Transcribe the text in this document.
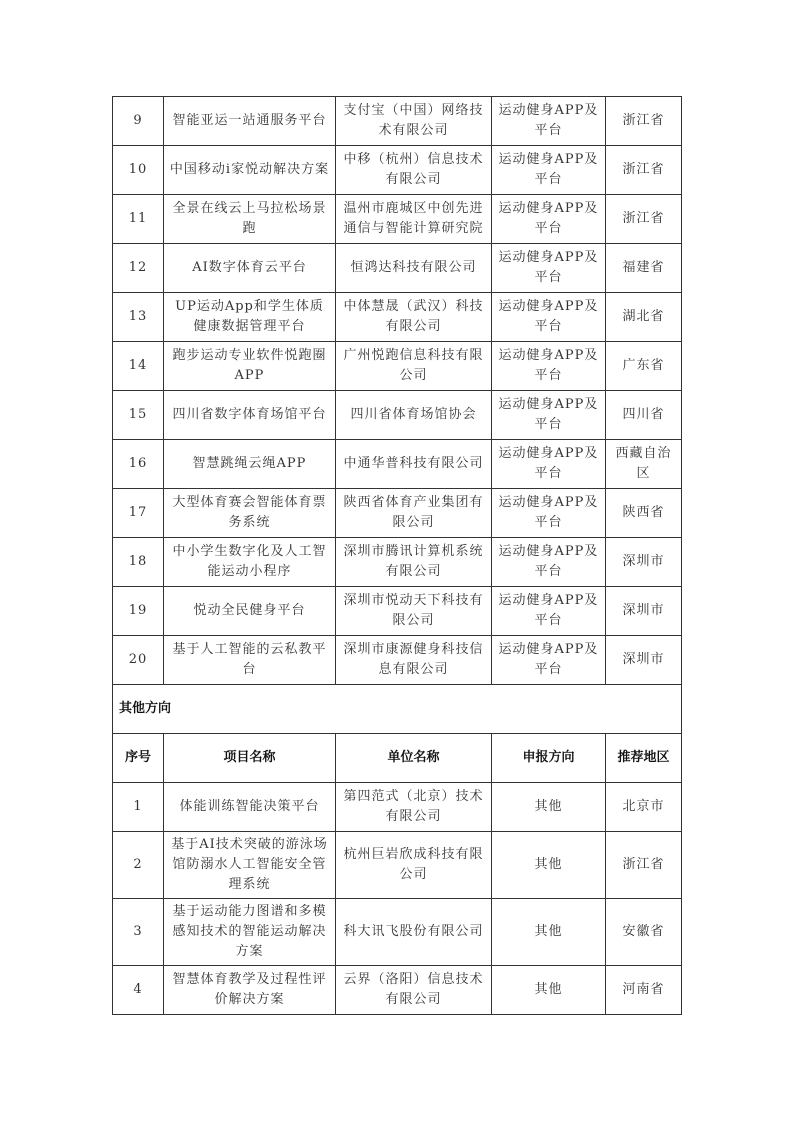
9	智能亚运一站通服务平台	支付宝（中国）网络技术有限公司	运动健身APP及平台	浙江省
10	中国移动i家悦动解决方案	中移（杭州）信息技术有限公司	运动健身APP及平台	浙江省
11	全景在线云上马拉松场景跑	温州市鹿城区中创先进通信与智能计算研究院	运动健身APP及平台	浙江省
12	AI数字体育云平台	恒鸿达科技有限公司	运动健身APP及平台	福建省
13	UP运动App和学生体质健康数据管理平台	中体慧晟（武汉）科技有限公司	运动健身APP及平台	湖北省
14	跑步运动专业软件悦跑圈APP	广州悦跑信息科技有限公司	运动健身APP及平台	广东省
15	四川省数字体育场馆平台	四川省体育场馆协会	运动健身APP及平台	四川省
16	智慧跳绳云绳APP	中通华普科技有限公司	运动健身APP及平台	西藏自治区
17	大型体育赛会智能体育票务系统	陕西省体育产业集团有限公司	运动健身APP及平台	陕西省
18	中小学生数字化及人工智能运动小程序	深圳市腾讯计算机系统有限公司	运动健身APP及平台	深圳市
19	悦动全民健身平台	深圳市悦动天下科技有限公司	运动健身APP及平台	深圳市
20	基于人工智能的云私教平台	深圳市康源健身科技信息有限公司	运动健身APP及平台	深圳市
其他方向				
序号	项目名称	单位名称	申报方向	推荐地区
1	体能训练智能决策平台	第四范式（北京）技术有限公司	其他	北京市
2	基于AI技术突破的游泳场馆防溺水人工智能安全管理系统	杭州巨岩欣成科技有限公司	其他	浙江省
3	基于运动能力图谱和多模感知技术的智能运动解决方案	科大讯飞股份有限公司	其他	安徽省
4	智慧体育教学及过程性评价解决方案	云界（洛阳）信息技术有限公司	其他	河南省
